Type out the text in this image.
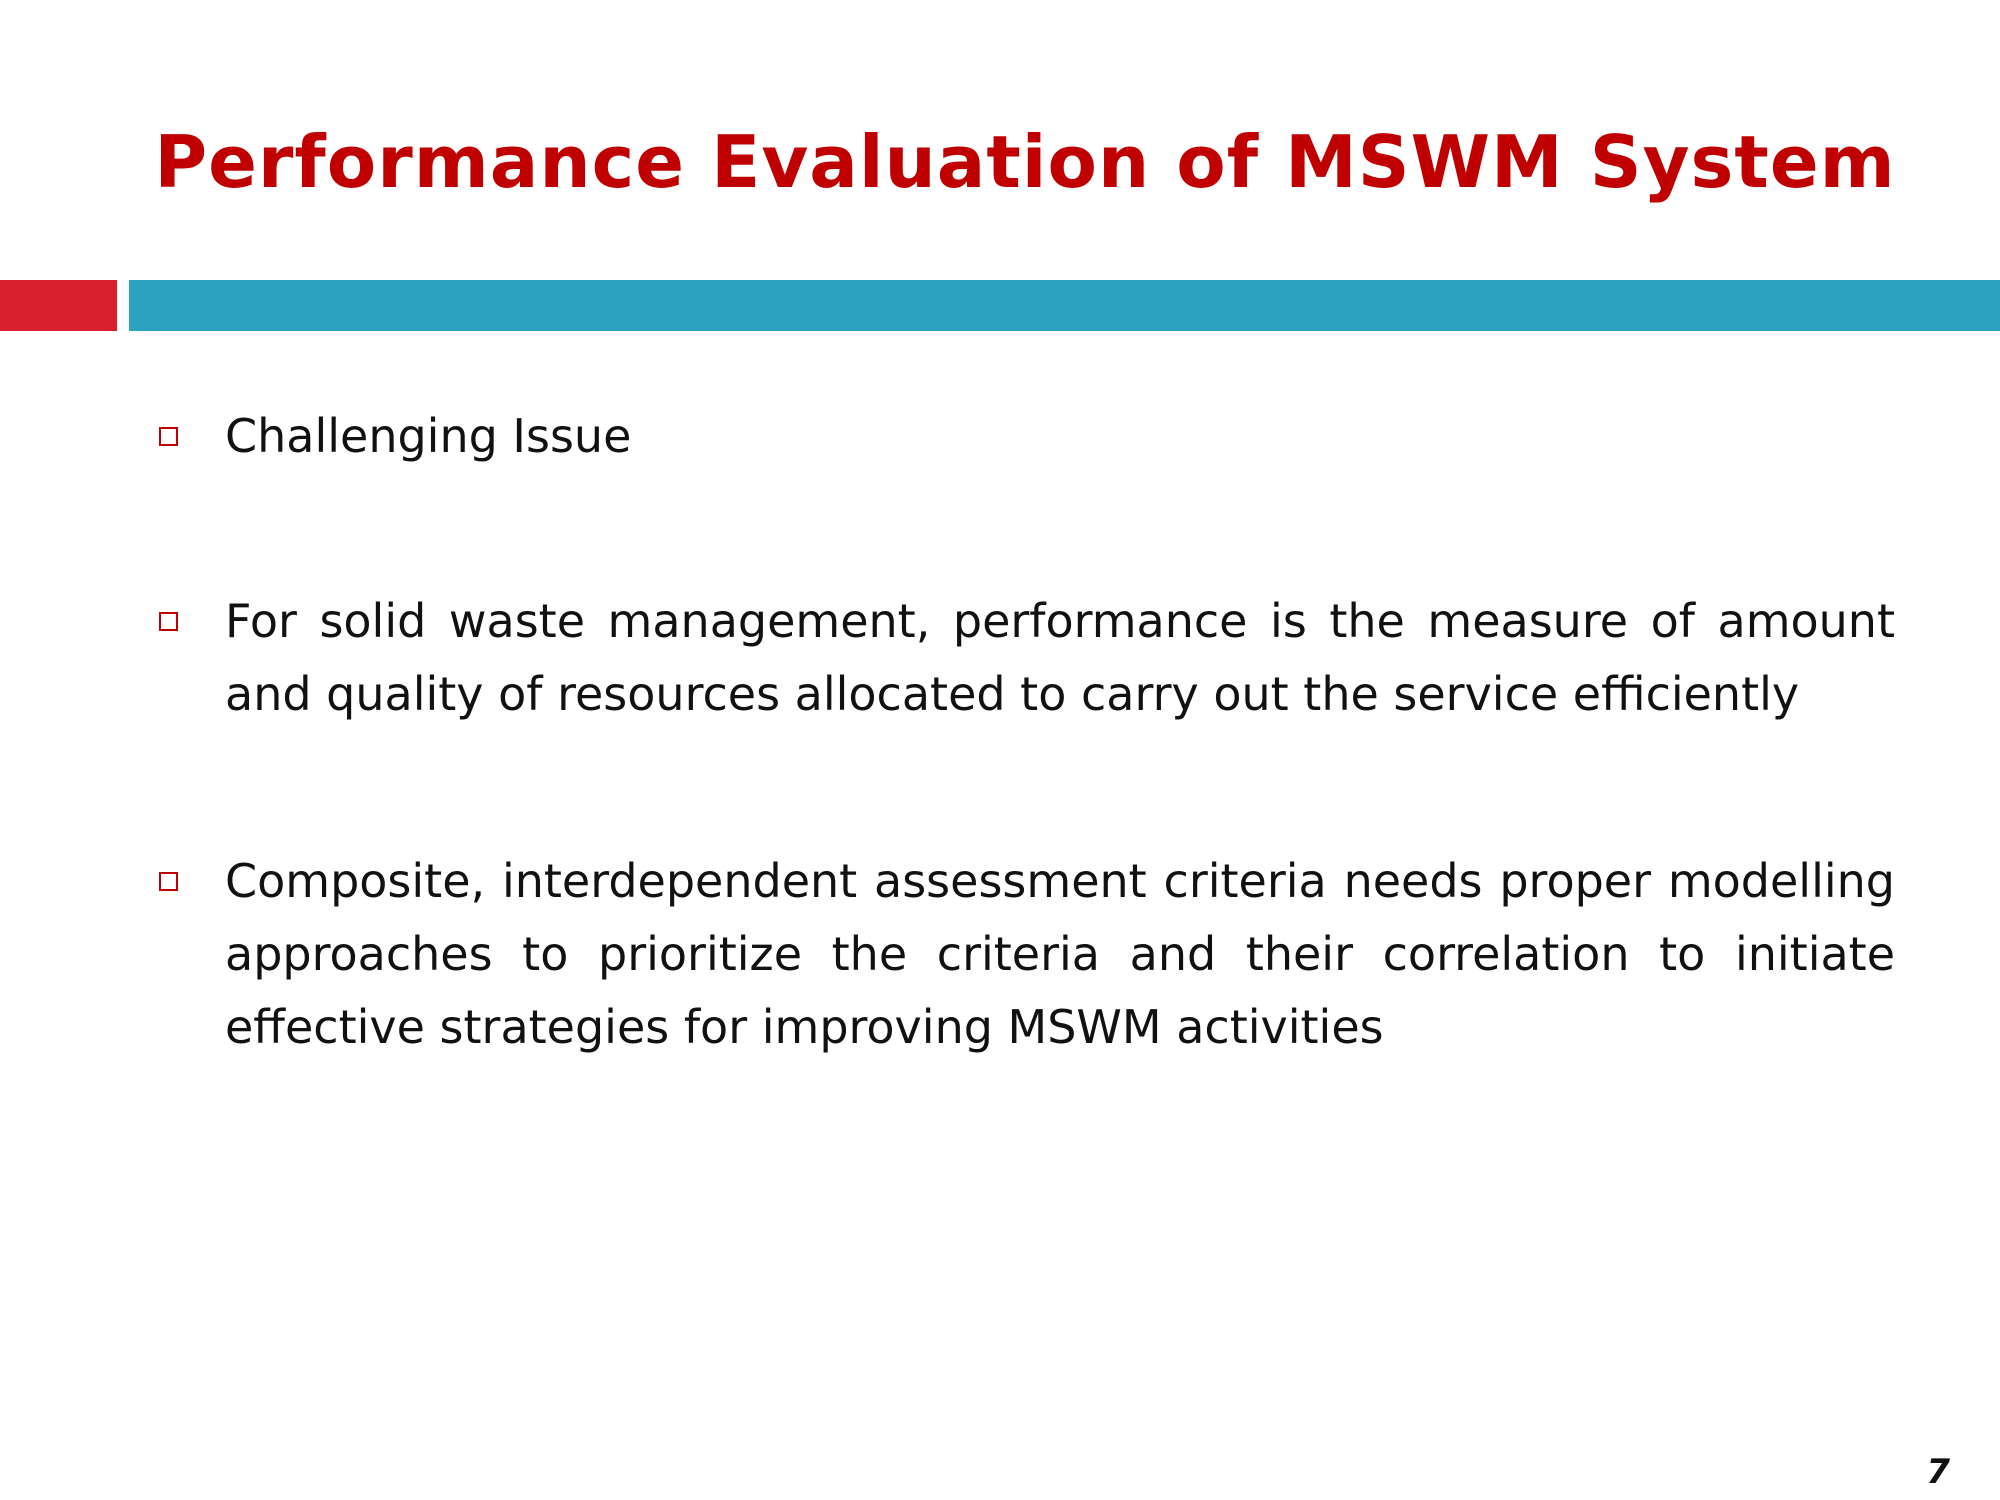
Performance Evaluation of MSWM System
Challenging Issue
For solid waste management, performance is the measure of amount and quality of resources allocated to carry out the service efficiently
Composite, interdependent assessment criteria needs proper modelling approaches to prioritize the criteria and their correlation to initiate effective strategies for improving MSWM activities
7
